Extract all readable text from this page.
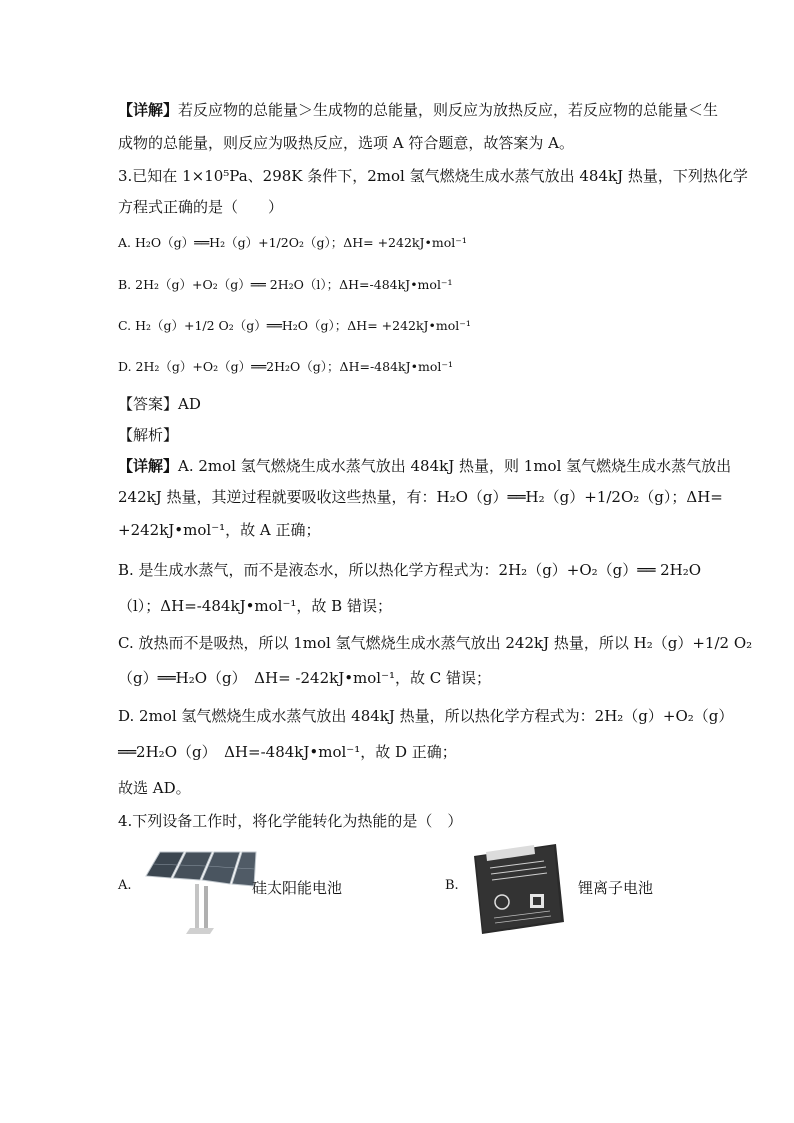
【详解】若反应物的总能量＞生成物的总能量，则反应为放热反应，若反应物的总能量＜生
成物的总能量，则反应为吸热反应，选项 A 符合题意，故答案为 A。
3.已知在 1×10⁵Pa、298K 条件下，2mol 氢气燃烧生成水蒸气放出 484kJ 热量，下列热化学
方程式正确的是（　　）
A. H₂O（g）══H₂（g）+1/2O₂（g）；ΔH= +242kJ•mol⁻¹
B. 2H₂（g）+O₂（g）══ 2H₂O（l）；ΔH=-484kJ•mol⁻¹
C. H₂（g）+1/2 O₂（g）══H₂O（g）；ΔH= +242kJ•mol⁻¹
D. 2H₂（g）+O₂（g）══2H₂O（g）；ΔH=-484kJ•mol⁻¹
【答案】AD
【解析】
【详解】A. 2mol 氢气燃烧生成水蒸气放出 484kJ 热量，则 1mol 氢气燃烧生成水蒸气放出
242kJ 热量，其逆过程就要吸收这些热量，有：H₂O（g）══H₂（g）+1/2O₂（g）；ΔH=
+242kJ•mol⁻¹，故 A 正确；
B. 是生成水蒸气，而不是液态水，所以热化学方程式为：2H₂（g）+O₂（g）══ 2H₂O
（l）；ΔH=-484kJ•mol⁻¹，故 B 错误；
C. 放热而不是吸热，所以 1mol 氢气燃烧生成水蒸气放出 242kJ 热量，所以 H₂（g）+1/2 O₂
（g）══H₂O（g）　ΔH= -242kJ•mol⁻¹，故 C 错误；
D. 2mol 氢气燃烧生成水蒸气放出 484kJ 热量，所以热化学方程式为：2H₂（g）+O₂（g）
══2H₂O（g）　ΔH=-484kJ•mol⁻¹，故 D 正确；
故选 AD。
4.下列设备工作时，将化学能转化为热能的是（　）
A.	硅太阳能电池	B.	锂离子电池
